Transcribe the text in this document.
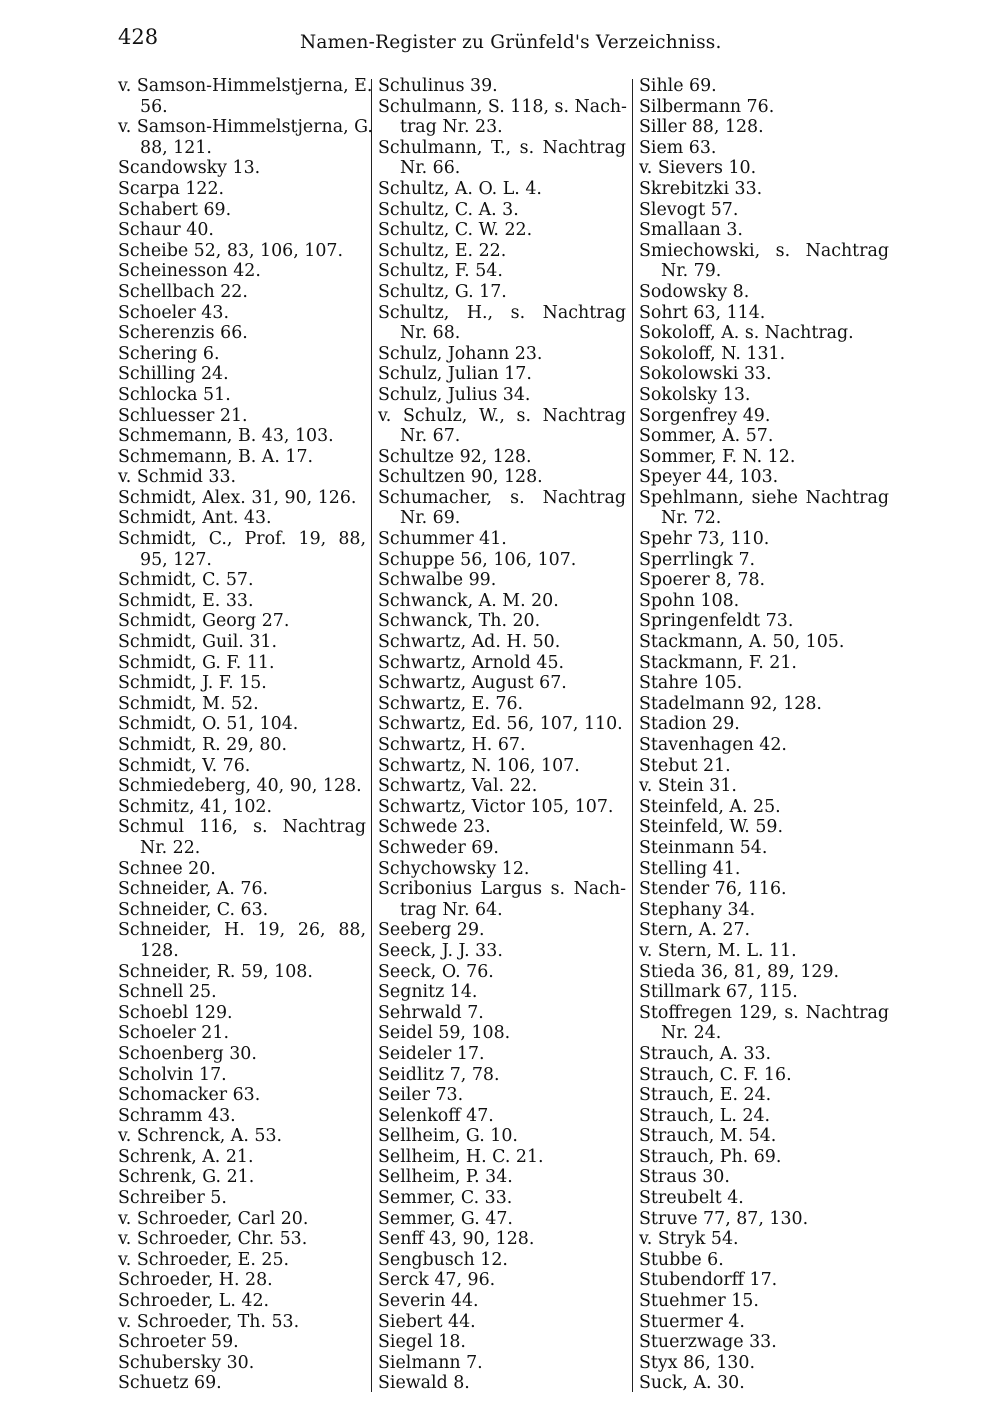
428	Namen-Register zu Grünfeld's Verzeichniss.
v. Samson-Himmelstjerna, E.
56.
v. Samson-Himmelstjerna, G.
88, 121.
Scandowsky 13.
Scarpa 122.
Schabert 69.
Schaur 40.
Scheibe 52, 83, 106, 107.
Scheinesson 42.
Schellbach 22.
Schoeler 43.
Scherenzis 66.
Schering 6.
Schilling 24.
Schlocka 51.
Schluesser 21.
Schmemann, B. 43, 103.
Schmemann, B. A. 17.
v. Schmid 33.
Schmidt, Alex. 31, 90, 126.
Schmidt, Ant. 43.
Schmidt, C., Prof. 19, 88,
95, 127.
Schmidt, C. 57.
Schmidt, E. 33.
Schmidt, Georg 27.
Schmidt, Guil. 31.
Schmidt, G. F. 11.
Schmidt, J. F. 15.
Schmidt, M. 52.
Schmidt, O. 51, 104.
Schmidt, R. 29, 80.
Schmidt, V. 76.
Schmiedeberg, 40, 90, 128.
Schmitz, 41, 102.
Schmul 116, s. Nachtrag
Nr. 22.
Schnee 20.
Schneider, A. 76.
Schneider, C. 63.
Schneider, H. 19, 26, 88,
128.
Schneider, R. 59, 108.
Schnell 25.
Schoebl 129.
Schoeler 21.
Schoenberg 30.
Scholvin 17.
Schomacker 63.
Schramm 43.
v. Schrenck, A. 53.
Schrenk, A. 21.
Schrenk, G. 21.
Schreiber 5.
v. Schroeder, Carl 20.
v. Schroeder, Chr. 53.
v. Schroeder, E. 25.
Schroeder, H. 28.
Schroeder, L. 42.
v. Schroeder, Th. 53.
Schroeter 59.
Schubersky 30.
Schuetz 69.
Schulinus 39.
Schulmann, S. 118, s. Nach-
trag Nr. 23.
Schulmann, T., s. Nachtrag
Nr. 66.
Schultz, A. O. L. 4.
Schultz, C. A. 3.
Schultz, C. W. 22.
Schultz, E. 22.
Schultz, F. 54.
Schultz, G. 17.
Schultz, H., s. Nachtrag
Nr. 68.
Schulz, Johann 23.
Schulz, Julian 17.
Schulz, Julius 34.
v. Schulz, W., s. Nachtrag
Nr. 67.
Schultze 92, 128.
Schultzen 90, 128.
Schumacher, s. Nachtrag
Nr. 69.
Schummer 41.
Schuppe 56, 106, 107.
Schwalbe 99.
Schwanck, A. M. 20.
Schwanck, Th. 20.
Schwartz, Ad. H. 50.
Schwartz, Arnold 45.
Schwartz, August 67.
Schwartz, E. 76.
Schwartz, Ed. 56, 107, 110.
Schwartz, H. 67.
Schwartz, N. 106, 107.
Schwartz, Val. 22.
Schwartz, Victor 105, 107.
Schwede 23.
Schweder 69.
Schychowsky 12.
Scribonius Largus s. Nach-
trag Nr. 64.
Seeberg 29.
Seeck, J. J. 33.
Seeck, O. 76.
Segnitz 14.
Sehrwald 7.
Seidel 59, 108.
Seideler 17.
Seidlitz 7, 78.
Seiler 73.
Selenkoff 47.
Sellheim, G. 10.
Sellheim, H. C. 21.
Sellheim, P. 34.
Semmer, C. 33.
Semmer, G. 47.
Senff 43, 90, 128.
Sengbusch 12.
Serck 47, 96.
Severin 44.
Siebert 44.
Siegel 18.
Sielmann 7.
Siewald 8.
Sihle 69.
Silbermann 76.
Siller 88, 128.
Siem 63.
v. Sievers 10.
Skrebitzki 33.
Slevogt 57.
Smallaan 3.
Smiechowski, s. Nachtrag
Nr. 79.
Sodowsky 8.
Sohrt 63, 114.
Sokoloff, A. s. Nachtrag.
Sokoloff, N. 131.
Sokolowski 33.
Sokolsky 13.
Sorgenfrey 49.
Sommer, A. 57.
Sommer, F. N. 12.
Speyer 44, 103.
Spehlmann, siehe Nachtrag
Nr. 72.
Spehr 73, 110.
Sperrlingk 7.
Spoerer 8, 78.
Spohn 108.
Springenfeldt 73.
Stackmann, A. 50, 105.
Stackmann, F. 21.
Stahre 105.
Stadelmann 92, 128.
Stadion 29.
Stavenhagen 42.
Stebut 21.
v. Stein 31.
Steinfeld, A. 25.
Steinfeld, W. 59.
Steinmann 54.
Stelling 41.
Stender 76, 116.
Stephany 34.
Stern, A. 27.
v. Stern, M. L. 11.
Stieda 36, 81, 89, 129.
Stillmark 67, 115.
Stoffregen 129, s. Nachtrag
Nr. 24.
Strauch, A. 33.
Strauch, C. F. 16.
Strauch, E. 24.
Strauch, L. 24.
Strauch, M. 54.
Strauch, Ph. 69.
Straus 30.
Streubelt 4.
Struve 77, 87, 130.
v. Stryk 54.
Stubbe 6.
Stubendorff 17.
Stuehmer 15.
Stuermer 4.
Stuerzwage 33.
Styx 86, 130.
Suck, A. 30.
